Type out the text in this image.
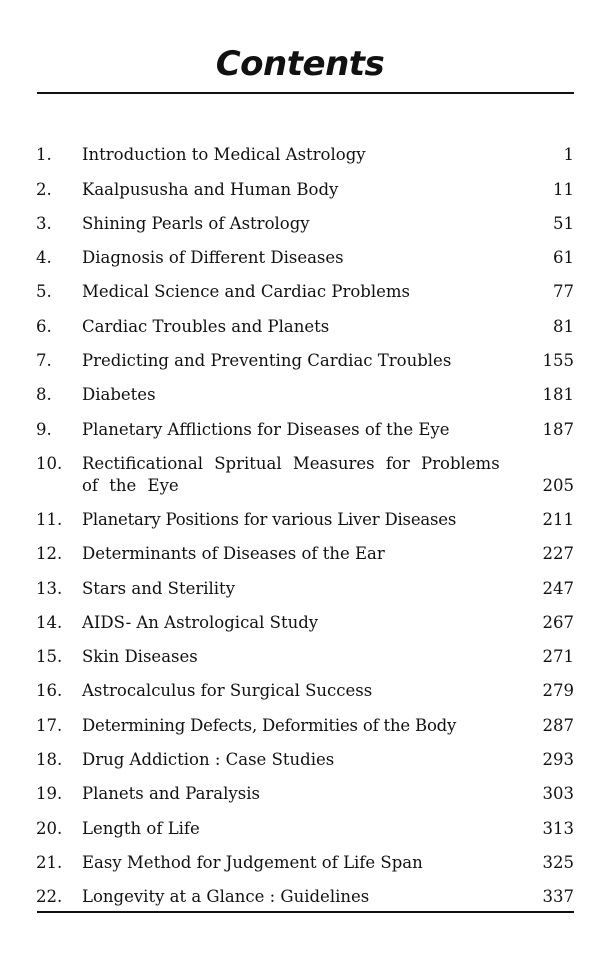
Contents
1.	Introduction to Medical Astrology	1
2.	Kaalpususha and Human Body	11
3.	Shining Pearls of Astrology	51
4.	Diagnosis of Different Diseases	61
5.	Medical Science and Cardiac Problems	77
6.	Cardiac Troubles and Planets	81
7.	Predicting and Preventing Cardiac Troubles	155
8.	Diabetes	181
9.	Planetary Afflictions for Diseases of the Eye	187
10.	Rectificational Spritual Measures for Problems of the Eye	205
11.	Planetary Positions for various Liver Diseases	211
12.	Determinants of Diseases of the Ear	227
13.	Stars and Sterility	247
14.	AIDS- An Astrological Study	267
15.	Skin Diseases	271
16.	Astrocalculus for Surgical Success	279
17.	Determining Defects, Deformities of the Body	287
18.	Drug Addiction : Case Studies	293
19.	Planets and Paralysis	303
20.	Length of Life	313
21.	Easy Method for Judgement of Life Span	325
22.	Longevity at a Glance : Guidelines	337
